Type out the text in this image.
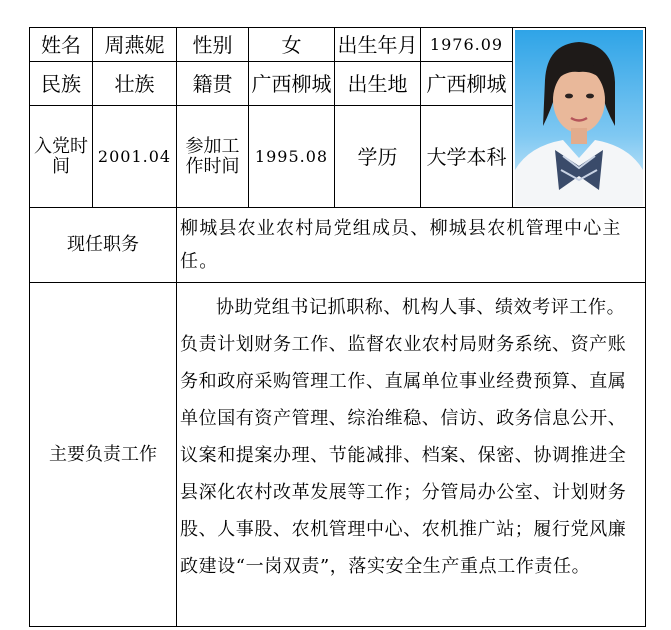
姓名	周燕妮	性别	女	出生年月	1976.09	

民族	壮族	籍贯	广西柳城	出生地	广西柳城	
入党时间	2001.04	参加工作时间	1995.08	学历	大学本科	
现任职务		柳城县农业农村局党组成员、柳城县农机管理中心主任。				
主要负责工作		协助党组书记抓职称、机构人事、绩效考评工作。负责计划财务工作、监督农业农村局财务系统、资产账务和政府采购管理工作、直属单位事业经费预算、直属单位国有资产管理、综治维稳、信访、政务信息公开、议案和提案办理、节能减排、档案、保密、协调推进全县深化农村改革发展等工作；分管局办公室、计划财务股、人事股、农机管理中心、农机推广站；履行党风廉政建设“一岗双责”，落实安全生产重点工作责任。				
